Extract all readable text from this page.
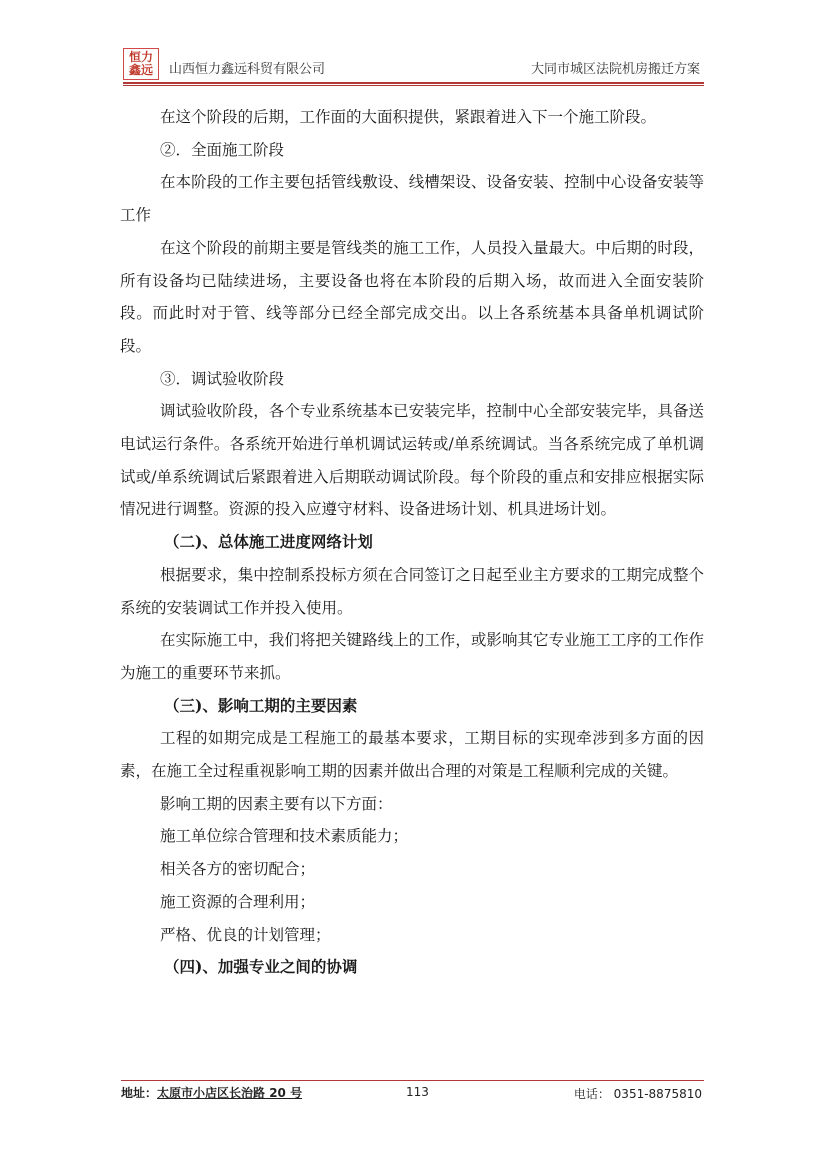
恒力
鑫远 山西恒力鑫远科贸有限公司	大同市城区法院机房搬迁方案

在这个阶段的后期，工作面的大面积提供，紧跟着进入下一个施工阶段。

②．全面施工阶段

在本阶段的工作主要包括管线敷设、线槽架设、设备安装、控制中心设备安装等工作

在这个阶段的前期主要是管线类的施工工作，人员投入量最大。中后期的时段，所有设备均已陆续进场，主要设备也将在本阶段的后期入场，故而进入全面安装阶段。而此时对于管、线等部分已经全部完成交出。以上各系统基本具备单机调试阶段。

③．调试验收阶段

调试验收阶段，各个专业系统基本已安装完毕，控制中心全部安装完毕，具备送电试运行条件。各系统开始进行单机调试运转或/单系统调试。当各系统完成了单机调试或/单系统调试后紧跟着进入后期联动调试阶段。每个阶段的重点和安排应根据实际情况进行调整。资源的投入应遵守材料、设备进场计划、机具进场计划。

（二)、总体施工进度网络计划

根据要求，集中控制系投标方须在合同签订之日起至业主方要求的工期完成整个系统的安装调试工作并投入使用。

在实际施工中，我们将把关键路线上的工作，或影响其它专业施工工序的工作作为施工的重要环节来抓。

（三)、影响工期的主要因素

工程的如期完成是工程施工的最基本要求，工期目标的实现牵涉到多方面的因素，在施工全过程重视影响工期的因素并做出合理的对策是工程顺利完成的关键。

影响工期的因素主要有以下方面：

施工单位综合管理和技术素质能力；

相关各方的密切配合；

施工资源的合理利用；

严格、优良的计划管理；

（四)、加强专业之间的协调

地址：太原市小店区长治路 20 号	113	电话： 0351-8875810
